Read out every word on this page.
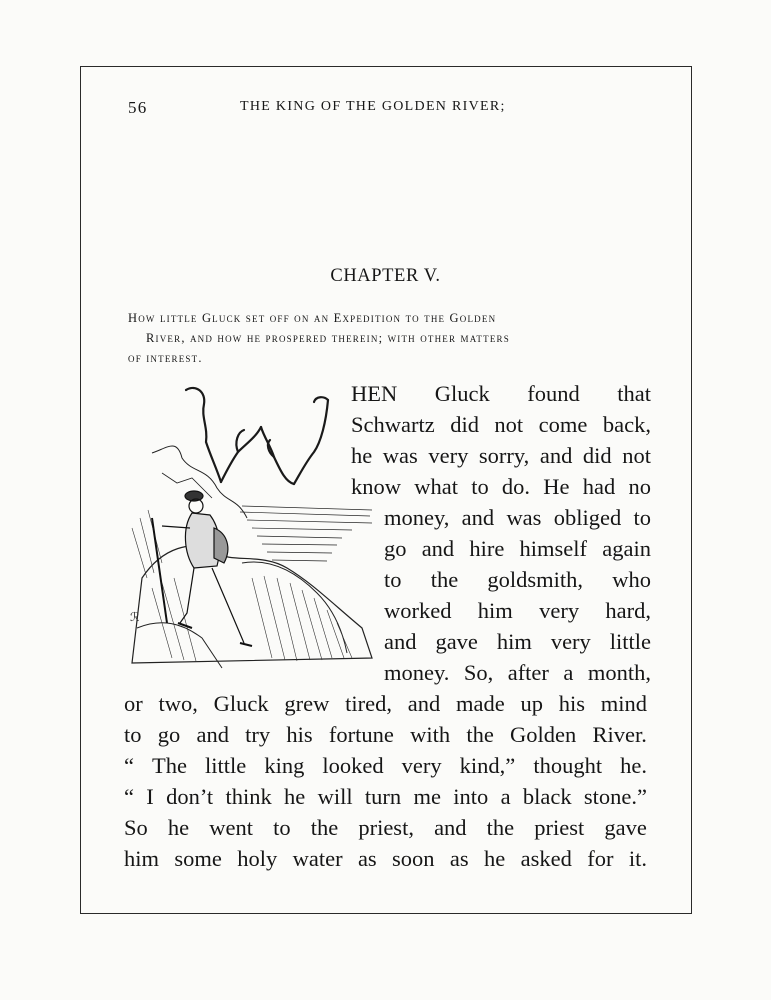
56	THE KING OF THE GOLDEN RIVER;
CHAPTER V.
How little Gluck set off on an Expedition to the Golden
River, and how he prospered therein; with other matters
of interest.
ℛ
HEN Gluck found that
Schwartz did not come back,
he was very sorry, and did not
know what to do. He had no
money, and was obliged to
go and hire himself again
to the goldsmith, who
worked him very hard,
and gave him very little
money. So, after a month,
or two, Gluck grew tired, and made up his mind
to go and try his fortune with the Golden River.
“ The little king looked very kind,” thought he.
“ I don’t think he will turn me into a black stone.”
So he went to the priest, and the priest gave
him some holy water as soon as he asked for it.
